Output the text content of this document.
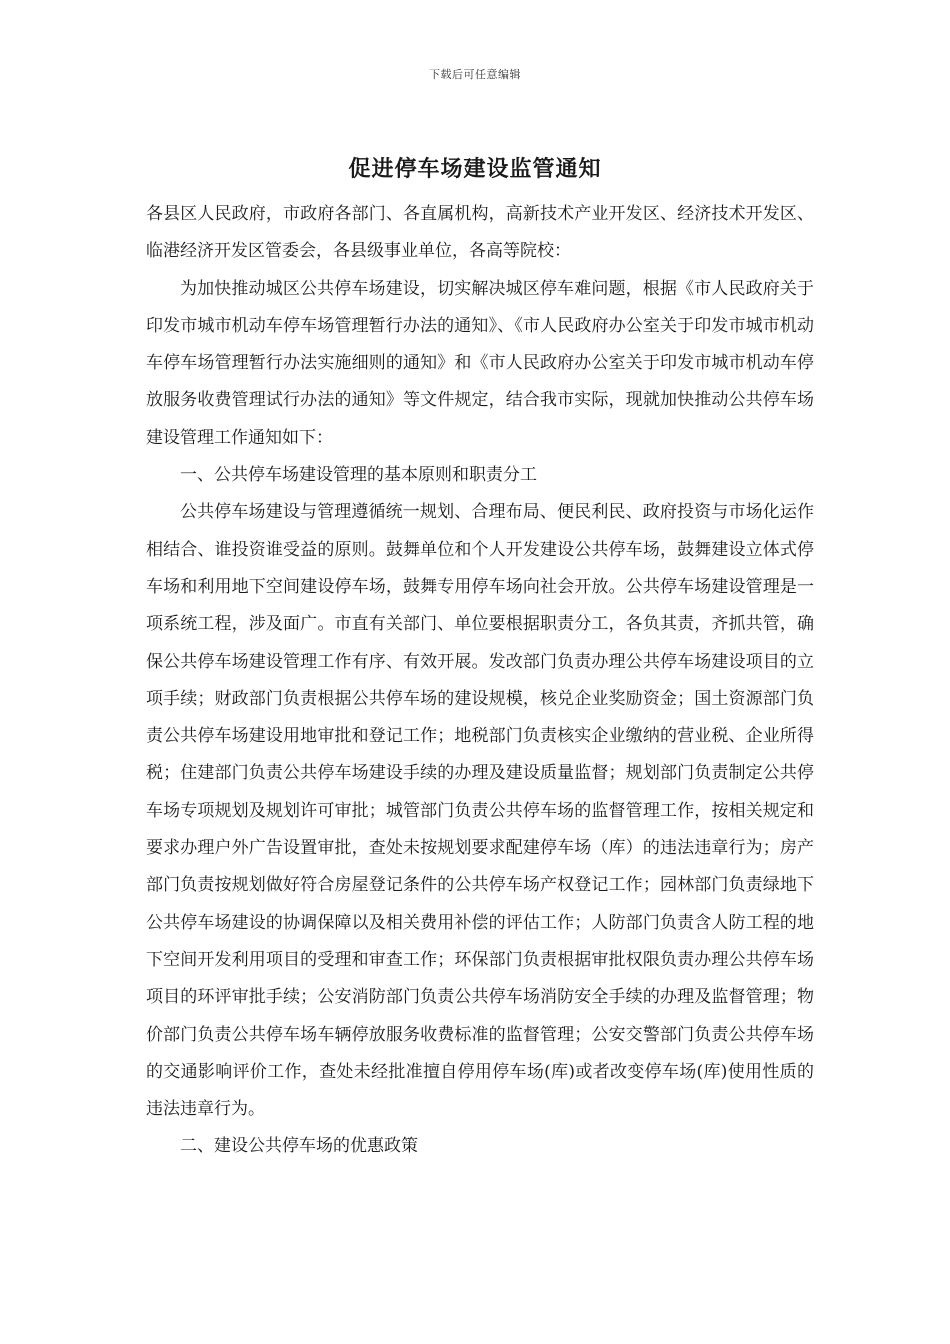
下载后可任意编辑
促进停车场建设监管通知

各县区人民政府，市政府各部门、各直属机构，高新技术产业开发区、经济技术开发区、临港经济开发区管委会，各县级事业单位，各高等院校：

为加快推动城区公共停车场建设，切实解决城区停车难问题，根据《市人民政府关于印发市城市机动车停车场管理暂行办法的通知》、《市人民政府办公室关于印发市城市机动车停车场管理暂行办法实施细则的通知》和《市人民政府办公室关于印发市城市机动车停放服务收费管理试行办法的通知》等文件规定，结合我市实际，现就加快推动公共停车场建设管理工作通知如下：

一、公共停车场建设管理的基本原则和职责分工

公共停车场建设与管理遵循统一规划、合理布局、便民利民、政府投资与市场化运作相结合、谁投资谁受益的原则。鼓舞单位和个人开发建设公共停车场，鼓舞建设立体式停车场和利用地下空间建设停车场，鼓舞专用停车场向社会开放。公共停车场建设管理是一项系统工程，涉及面广。市直有关部门、单位要根据职责分工，各负其责，齐抓共管，确保公共停车场建设管理工作有序、有效开展。发改部门负责办理公共停车场建设项目的立项手续；财政部门负责根据公共停车场的建设规模，核兑企业奖励资金；国土资源部门负责公共停车场建设用地审批和登记工作；地税部门负责核实企业缴纳的营业税、企业所得税；住建部门负责公共停车场建设手续的办理及建设质量监督；规划部门负责制定公共停车场专项规划及规划许可审批；城管部门负责公共停车场的监督管理工作，按相关规定和要求办理户外广告设置审批，查处未按规划要求配建停车场（库）的违法违章行为；房产部门负责按规划做好符合房屋登记条件的公共停车场产权登记工作；园林部门负责绿地下公共停车场建设的协调保障以及相关费用补偿的评估工作；人防部门负责含人防工程的地下空间开发利用项目的受理和审查工作；环保部门负责根据审批权限负责办理公共停车场项目的环评审批手续；公安消防部门负责公共停车场消防安全手续的办理及监督管理；物价部门负责公共停车场车辆停放服务收费标准的监督管理；公安交警部门负责公共停车场的交通影响评价工作，查处未经批准擅自停用停车场(库)或者改变停车场(库)使用性质的违法违章行为。

二、建设公共停车场的优惠政策
